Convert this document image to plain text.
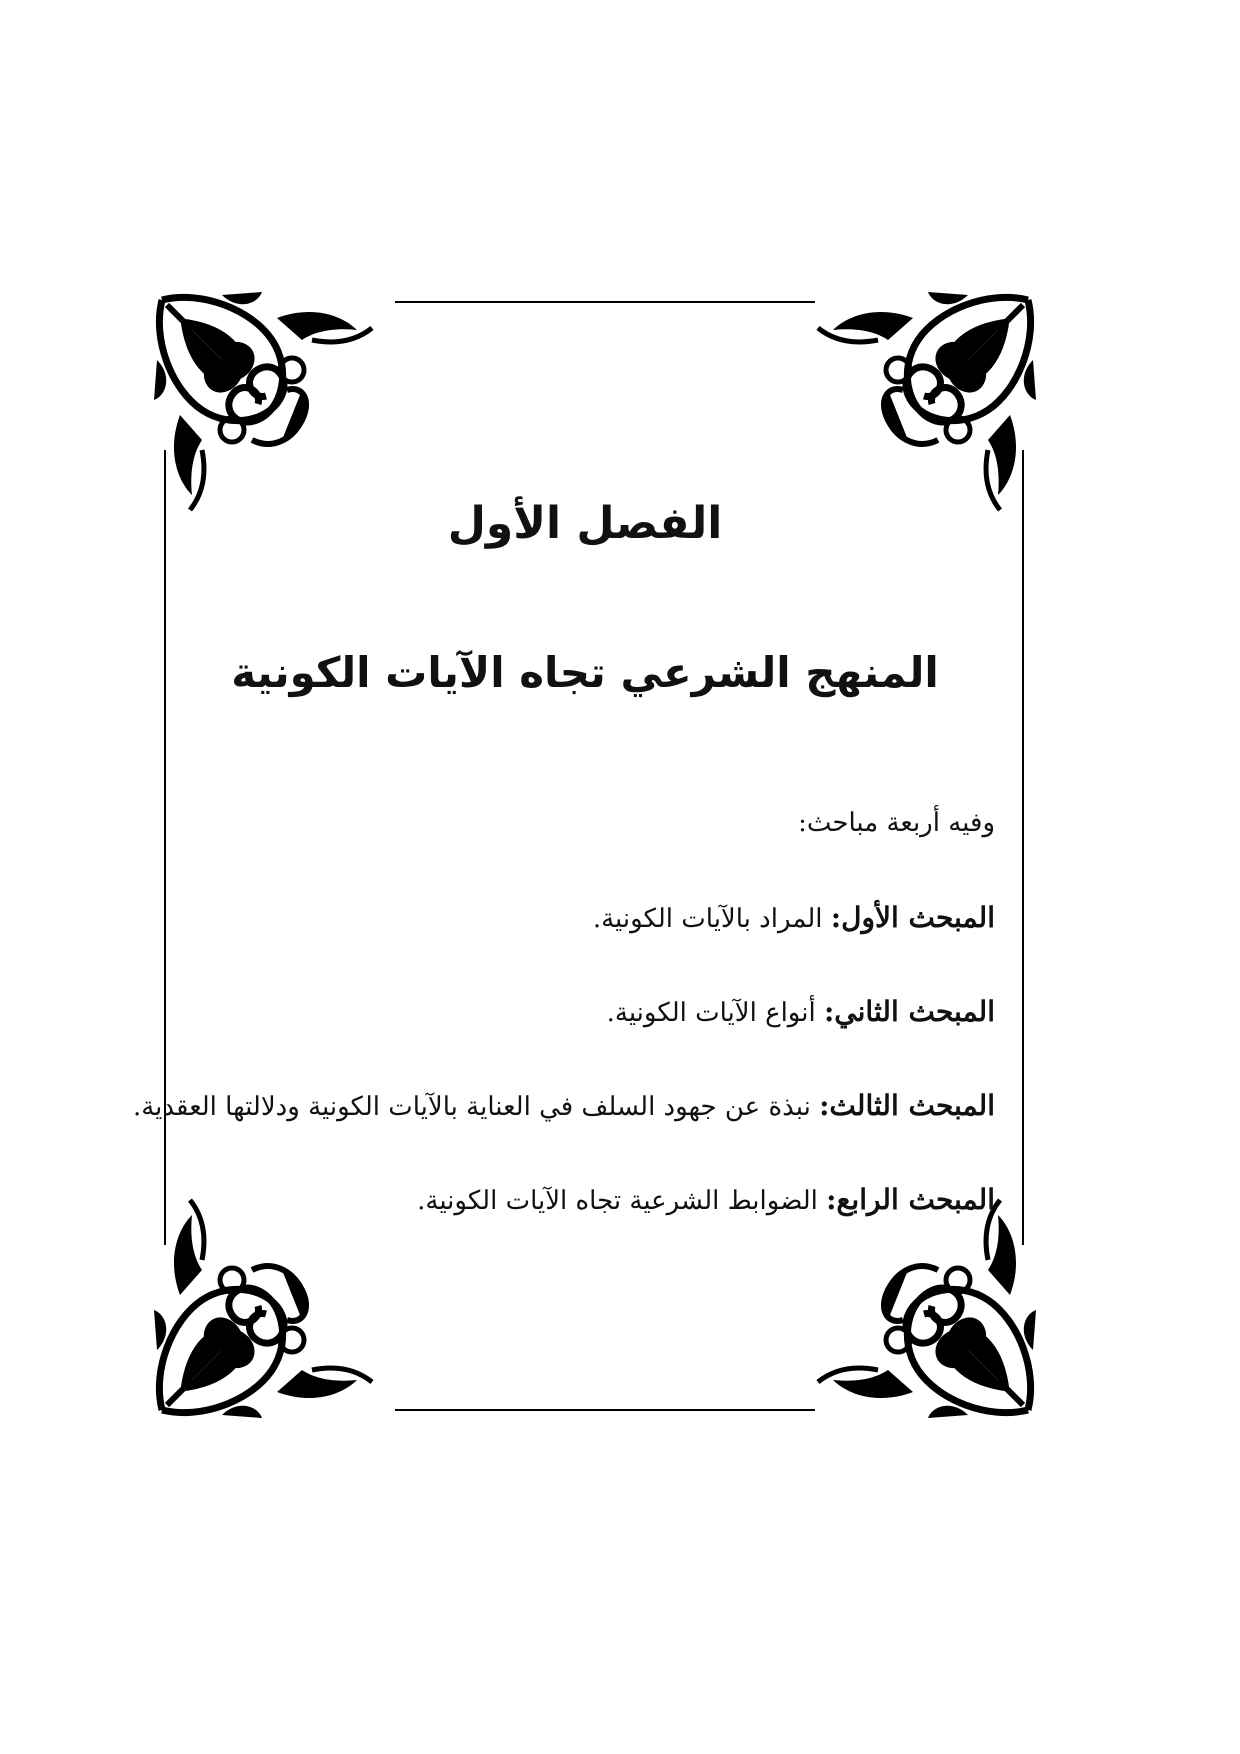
الفصل الأول
المنهج الشرعي تجاه الآيات الكونية
وفيه أربعة مباحث:
المبحث الأول: المراد بالآيات الكونية.
المبحث الثاني: أنواع الآيات الكونية.
المبحث الثالث: نبذة عن جهود السلف في العناية بالآيات الكونية ودلالتها العقدية.
المبحث الرابع: الضوابط الشرعية تجاه الآيات الكونية.
